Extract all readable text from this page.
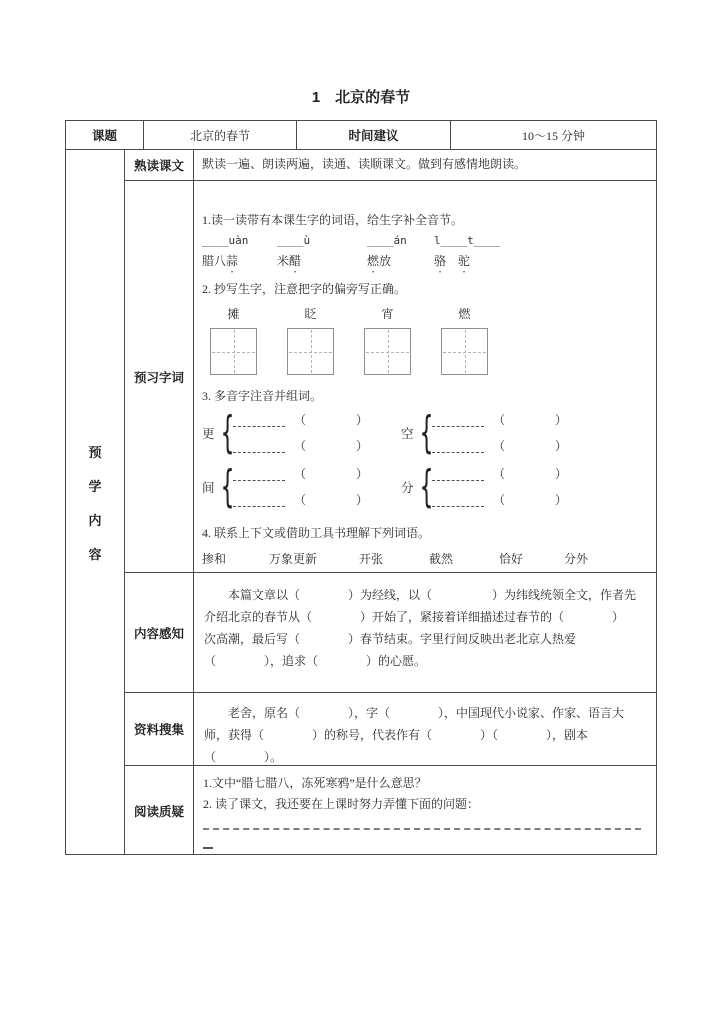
1　北京的春节
课题	北京的春节	时间建议	10～15 分钟
预
学
内
容
熟读课文	默读一遍、朗读两遍，读通、读顺课文。做到有感情地朗读。
预习字词
1.读一读带有本课生字的词语，给生字补全音节。
____uàn	____ù	____án	l____t____
腊八蒜	米醋	燃放	骆　 驼
2. 抄写生字，注意把字的偏旁写正确。
摊	眨	宵	燃
3. 多音字注音并组词。
更 {	（	）
（	）
空 {	（	）
（	）
间 {	（	）
（	）
分 {	（	）
（	）
4. 联系上下文或借助工具书理解下列词语。
掺和	万象更新	开张	截然	恰好	分外
内容感知
本篇文章以（　　　　）为经线，以（　　　　　）为纬线统领全文，作者先
介绍北京的春节从（　　　　）开始了，紧接着详细描述过春节的（　　　　）
次高潮，最后写（　　　　）春节结束。字里行间反映出老北京人热爱
（　　　　），追求（　　　　）的心愿。
资料搜集
老舍，原名（　　　　），字（　　　　），中国现代小说家、作家、语言大
师，获得（　　　　）的称号，代表作有（　　　　）（　　　　），剧本
（　　　　）。
阅读质疑
1.文中“腊七腊八，冻死寒鸦”是什么意思？
2. 读了课文，我还要在上课时努力弄懂下面的问题：
